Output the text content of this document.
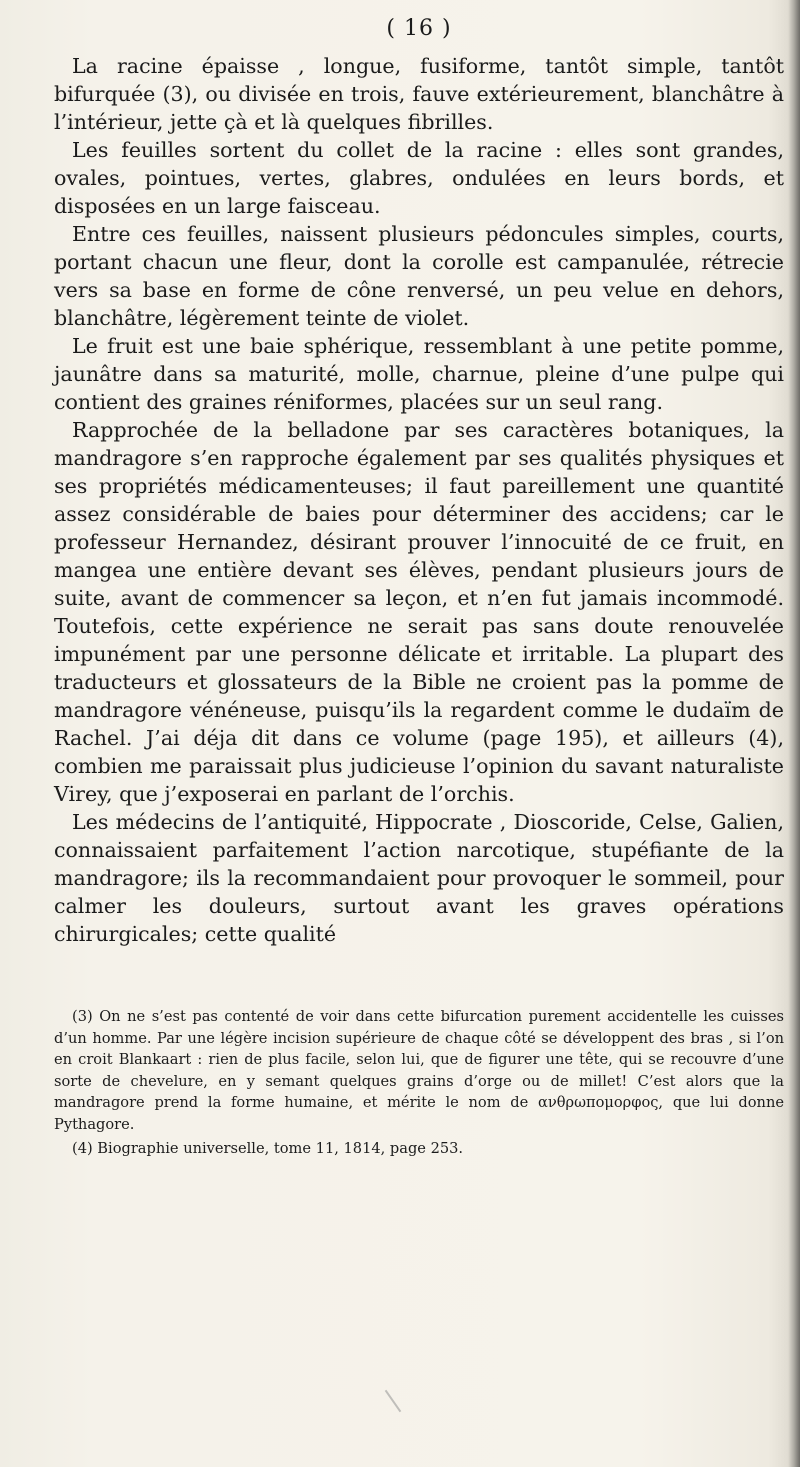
( 16 )

La racine épaisse , longue, fusiforme, tantôt simple, tantôt bifurquée (3), ou divisée en trois, fauve extérieurement, blanchâtre à l’intérieur, jette çà et là quelques fibrilles.

Les feuilles sortent du collet de la racine : elles sont grandes, ovales, pointues, vertes, glabres, ondulées en leurs bords, et disposées en un large faisceau.

Entre ces feuilles, naissent plusieurs pédoncules simples, courts, portant chacun une fleur, dont la corolle est campanulée, rétrecie vers sa base en forme de cône renversé, un peu velue en dehors, blanchâtre, légèrement teinte de violet.

Le fruit est une baie sphérique, ressemblant à une petite pomme, jaunâtre dans sa maturité, molle, charnue, pleine d’une pulpe qui contient des graines réniformes, placées sur un seul rang.

Rapprochée de la belladone par ses caractères botaniques, la mandragore s’en rapproche également par ses qualités physiques et ses propriétés médicamenteuses; il faut pareillement une quantité assez considérable de baies pour déterminer des accidens; car le professeur Hernandez, désirant prouver l’innocuité de ce fruit, en mangea une entière devant ses élèves, pendant plusieurs jours de suite, avant de commencer sa leçon, et n’en fut jamais incommodé. Toutefois, cette expérience ne serait pas sans doute renouvelée impunément par une personne délicate et irritable. La plupart des traducteurs et glossateurs de la Bible ne croient pas la pomme de mandragore vénéneuse, puisqu’ils la regardent comme le dudaïm de Rachel. J’ai déja dit dans ce volume (page 195), et ailleurs (4), combien me paraissait plus judicieuse l’opinion du savant naturaliste Virey, que j’exposerai en parlant de l’orchis.

Les médecins de l’antiquité, Hippocrate , Dioscoride, Celse, Galien, connaissaient parfaitement l’action narcotique, stupéfiante de la mandragore; ils la recommandaient pour provoquer le sommeil, pour calmer les douleurs, surtout avant les graves opérations chirurgicales; cette qualité

(3) On ne s’est pas contenté de voir dans cette bifurcation purement accidentelle les cuisses d’un homme. Par une légère incision supérieure de chaque côté se développent des bras , si l’on en croit Blankaart : rien de plus facile, selon lui, que de figurer une tête, qui se recouvre d’une sorte de chevelure, en y semant quelques grains d’orge ou de millet! C’est alors que la mandragore prend la forme humaine, et mérite le nom de ανθρωπομορφος, que lui donne Pythagore.

(4) Biographie universelle, tome 11, 1814, page 253.
